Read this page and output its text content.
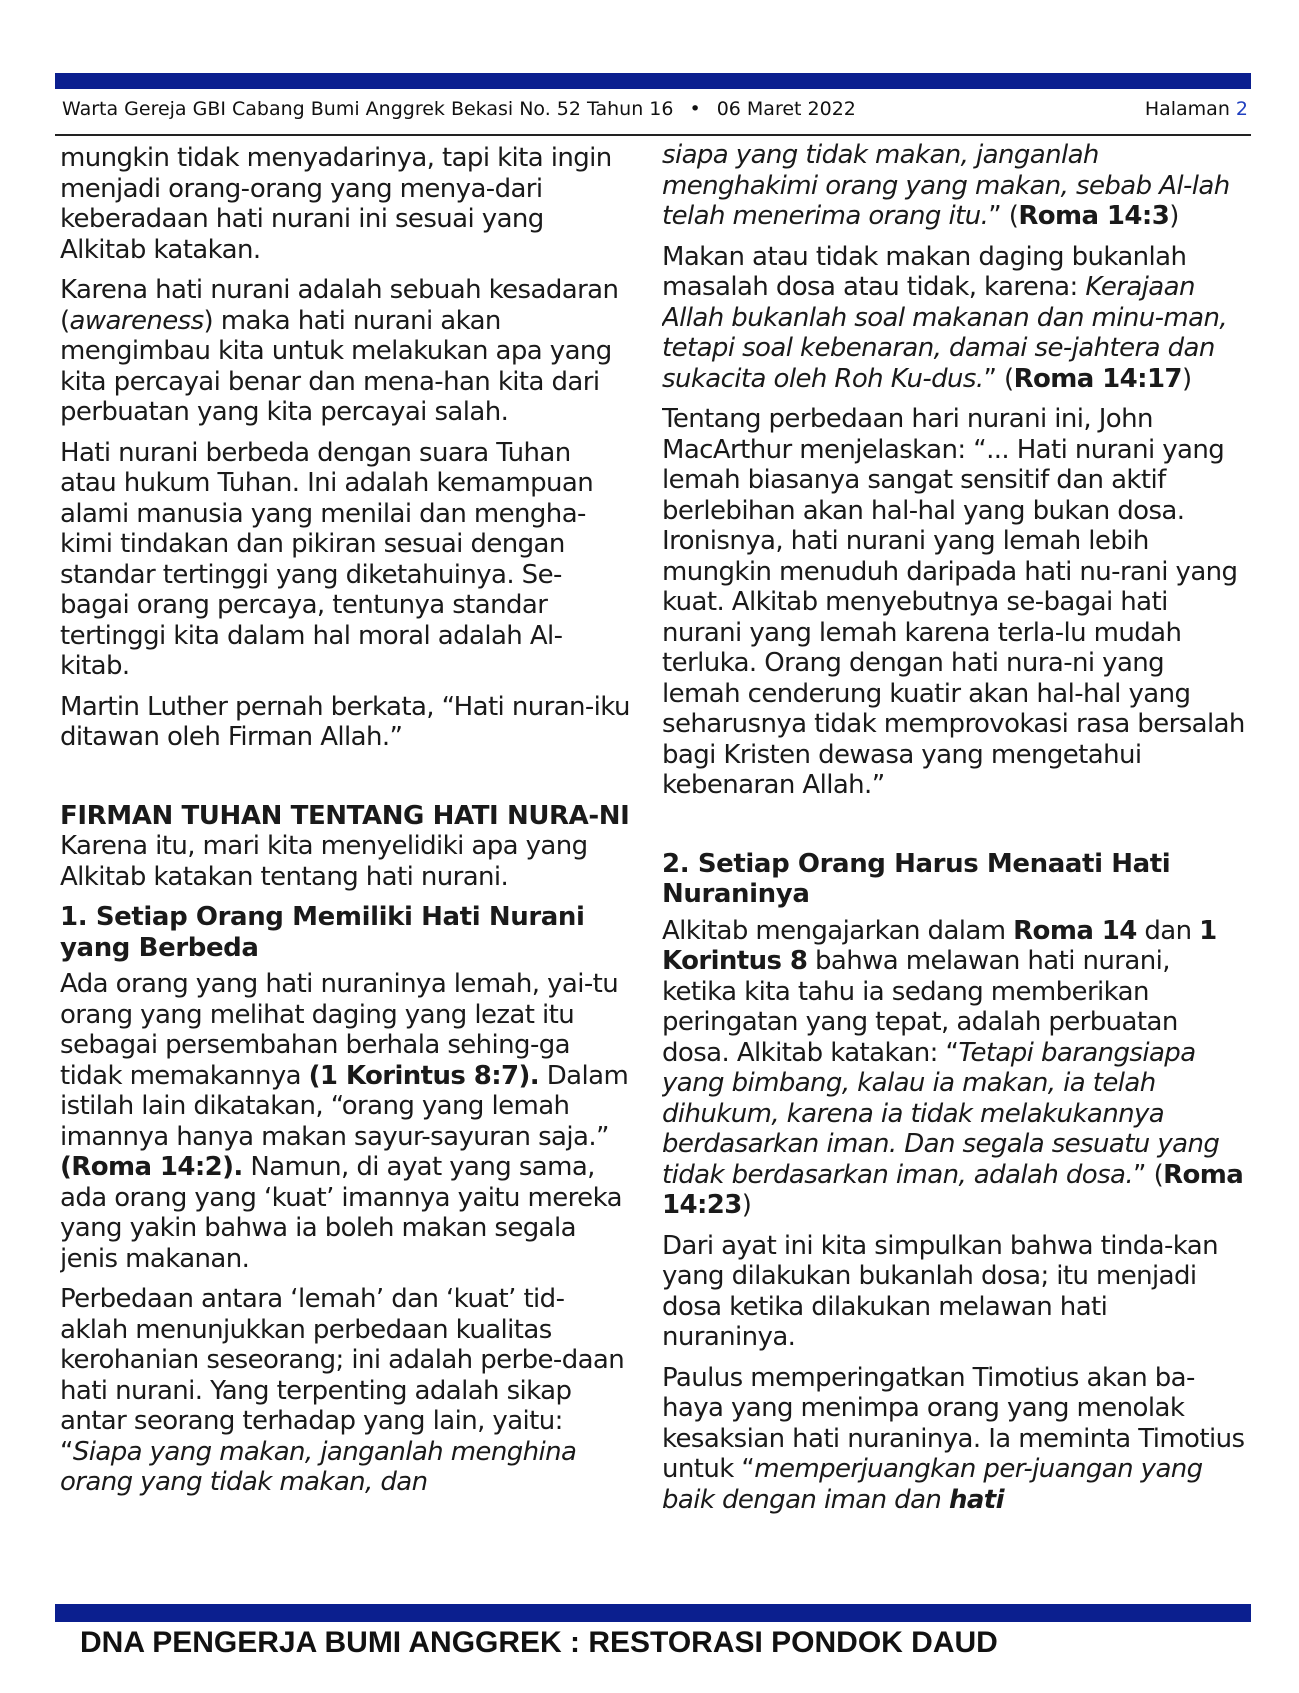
Warta Gereja GBI Cabang Bumi Anggrek Bekasi No. 52 Tahun 16 • 06 Maret 2022	Halaman 2

mungkin tidak menyadarinya, tapi kita ingin menjadi orang-orang yang menya-dari keberadaan hati nurani ini sesuai yang Alkitab katakan.

Karena hati nurani adalah sebuah kesadaran (awareness) maka hati nurani akan mengimbau kita untuk melakukan apa yang kita percayai benar dan mena-han kita dari perbuatan yang kita percayai salah.

Hati nurani berbeda dengan suara Tuhan atau hukum Tuhan. Ini adalah kemampuan alami manusia yang menilai dan mengha-kimi tindakan dan pikiran sesuai dengan standar tertinggi yang diketahuinya. Se-bagai orang percaya, tentunya standar tertinggi kita dalam hal moral adalah Al-kitab.

Martin Luther pernah berkata, “Hati nuran-iku ditawan oleh Firman Allah.”

FIRMAN TUHAN TENTANG HATI NURA-NI

Karena itu, mari kita menyelidiki apa yang Alkitab katakan tentang hati nurani.

1. Setiap Orang Memiliki Hati Nurani yang Berbeda

Ada orang yang hati nuraninya lemah, yai-tu orang yang melihat daging yang lezat itu sebagai persembahan berhala sehing-ga tidak memakannya (1 Korintus 8:7). Dalam istilah lain dikatakan, “orang yang lemah imannya hanya makan sayur-sayuran saja.” (Roma 14:2). Namun, di ayat yang sama, ada orang yang ‘kuat’ imannya yaitu mereka yang yakin bahwa ia boleh makan segala jenis makanan.

Perbedaan antara ‘lemah’ dan ‘kuat’ tid-aklah menunjukkan perbedaan kualitas kerohanian seseorang; ini adalah perbe-daan hati nurani. Yang terpenting adalah sikap antar seorang terhadap yang lain, yaitu: “Siapa yang makan, janganlah menghina orang yang tidak makan, dan

siapa yang tidak makan, janganlah menghakimi orang yang makan, sebab Al-lah telah menerima orang itu.” (Roma 14:3)

Makan atau tidak makan daging bukanlah masalah dosa atau tidak, karena: Kerajaan Allah bukanlah soal makanan dan minu-man, tetapi soal kebenaran, damai se-jahtera dan sukacita oleh Roh Ku-dus.” (Roma 14:17)

Tentang perbedaan hari nurani ini, John MacArthur menjelaskan: “... Hati nurani yang lemah biasanya sangat sensitif dan aktif berlebihan akan hal-hal yang bukan dosa. Ironisnya, hati nurani yang lemah lebih mungkin menuduh daripada hati nu-rani yang kuat. Alkitab menyebutnya se-bagai hati nurani yang lemah karena terla-lu mudah terluka. Orang dengan hati nura-ni yang lemah cenderung kuatir akan hal-hal yang seharusnya tidak memprovokasi rasa bersalah bagi Kristen dewasa yang mengetahui kebenaran Allah.”

2. Setiap Orang Harus Menaati Hati Nuraninya

Alkitab mengajarkan dalam Roma 14 dan 1 Korintus 8 bahwa melawan hati nurani, ketika kita tahu ia sedang memberikan peringatan yang tepat, adalah perbuatan dosa. Alkitab katakan: “Tetapi barangsiapa yang bimbang, kalau ia makan, ia telah dihukum, karena ia tidak melakukannya berdasarkan iman. Dan segala sesuatu yang tidak berdasarkan iman, adalah dosa.” (Roma 14:23)

Dari ayat ini kita simpulkan bahwa tinda-kan yang dilakukan bukanlah dosa; itu menjadi dosa ketika dilakukan melawan hati nuraninya.

Paulus memperingatkan Timotius akan ba-haya yang menimpa orang yang menolak kesaksian hati nuraninya. Ia meminta Timotius untuk “memperjuangkan per-juangan yang baik dengan iman dan hati

DNA PENGERJA BUMI ANGGREK : RESTORASI PONDOK DAUD
